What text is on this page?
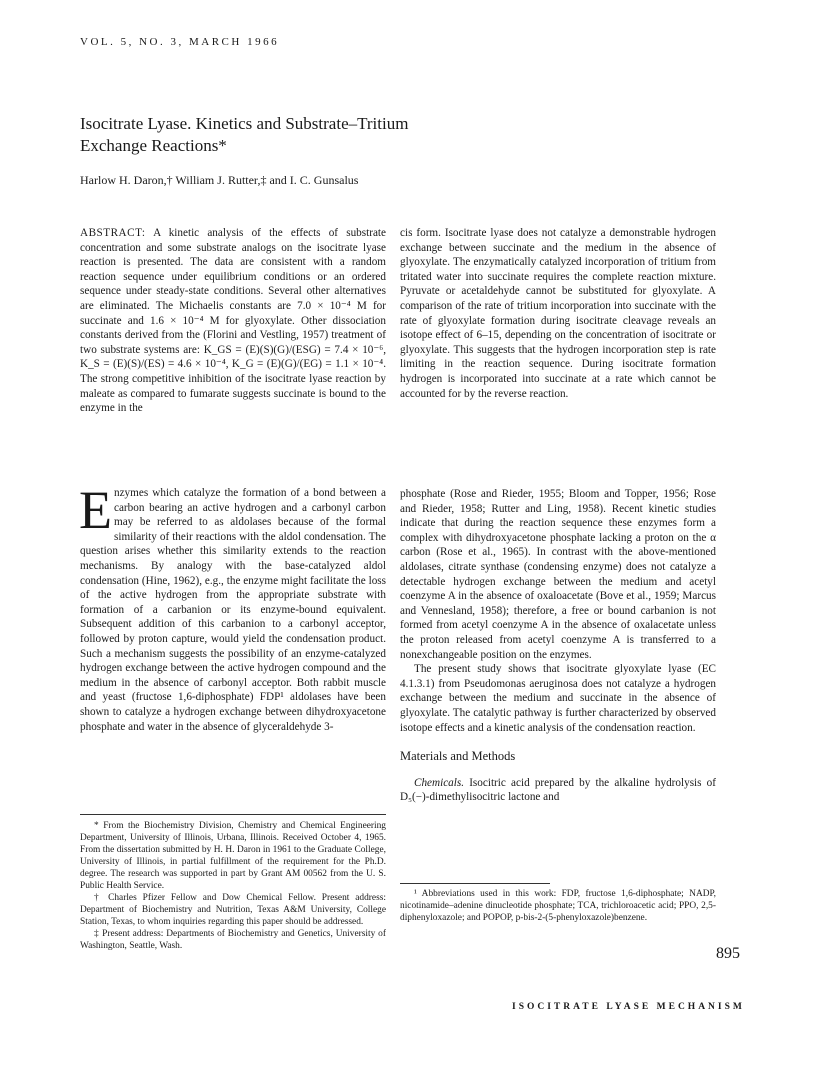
VOL. 5, NO. 3, MARCH 1966
Isocitrate Lyase. Kinetics and Substrate–Tritium
Exchange Reactions*
Harlow H. Daron,† William J. Rutter,‡ and I. C. Gunsalus
ABSTRACT: A kinetic analysis of the effects of substrate concentration and some substrate analogs on the isocitrate lyase reaction is presented. The data are consistent with a random reaction sequence under equilibrium conditions or an ordered sequence under steady-state conditions. Several other alternatives are eliminated. The Michaelis constants are 7.0 × 10⁻⁴ M for succinate and 1.6 × 10⁻⁴ M for glyoxylate. Other dissociation constants derived from the (Florini and Vestling, 1957) treatment of two substrate systems are: K_GS = (E)(S)(G)/(ESG) = 7.4 × 10⁻⁶, K_S = (E)(S)/(ES) = 4.6 × 10⁻⁴, K_G = (E)(G)/(EG) = 1.1 × 10⁻⁴. The strong competitive inhibition of the isocitrate lyase reaction by maleate as compared to fumarate suggests succinate is bound to the enzyme in the
cis form. Isocitrate lyase does not catalyze a demonstrable hydrogen exchange between succinate and the medium in the absence of glyoxylate. The enzymatically catalyzed incorporation of tritium from tritated water into succinate requires the complete reaction mixture. Pyruvate or acetaldehyde cannot be substituted for glyoxylate. A comparison of the rate of tritium incorporation into succinate with the rate of glyoxylate formation during isocitrate cleavage reveals an isotope effect of 6–15, depending on the concentration of isocitrate or glyoxylate. This suggests that the hydrogen incorporation step is rate limiting in the reaction sequence. During isocitrate formation hydrogen is incorporated into succinate at a rate which cannot be accounted for by the reverse reaction.
E nzymes which catalyze the formation of a bond between a carbon bearing an active hydrogen and a carbonyl carbon may be referred to as aldolases because of the formal similarity of their reactions with the aldol condensation. The question arises whether this similarity extends to the reaction mechanisms. By analogy with the base-catalyzed aldol condensation (Hine, 1962), e.g., the enzyme might facilitate the loss of the active hydrogen from the appropriate substrate with formation of a carbanion or its enzyme-bound equivalent. Subsequent addition of this carbanion to a carbonyl acceptor, followed by proton capture, would yield the condensation product. Such a mechanism suggests the possibility of an enzyme-catalyzed hydrogen exchange between the active hydrogen compound and the medium in the absence of carbonyl acceptor. Both rabbit muscle and yeast (fructose 1,6-diphosphate) FDP¹ aldolases have been shown to catalyze a hydrogen exchange between dihydroxyacetone phosphate and water in the absence of glyceraldehyde 3-

phosphate (Rose and Rieder, 1955; Bloom and Topper, 1956; Rose and Rieder, 1958; Rutter and Ling, 1958). Recent kinetic studies indicate that during the reaction sequence these enzymes form a complex with dihydroxyacetone phosphate lacking a proton on the α carbon (Rose et al., 1965). In contrast with the above-mentioned aldolases, citrate synthase (condensing enzyme) does not catalyze a detectable hydrogen exchange between the medium and acetyl coenzyme A in the absence of oxaloacetate (Bove et al., 1959; Marcus and Vennesland, 1958); therefore, a free or bound carbanion is not formed from acetyl coenzyme A in the absence of oxalacetate unless the proton released from acetyl coenzyme A is transferred to a nonexchangeable position on the enzymes.

The present study shows that isocitrate glyoxylate lyase (EC 4.1.3.1) from Pseudomonas aeruginosa does not catalyze a hydrogen exchange between the medium and succinate in the absence of glyoxylate. The catalytic pathway is further characterized by observed isotope effects and a kinetic analysis of the condensation reaction.

Materials and Methods

Chemicals. Isocitric acid prepared by the alkaline hydrolysis of D₅(−)-dimethylisocitric lactone and

* From the Biochemistry Division, Chemistry and Chemical Engineering Department, University of Illinois, Urbana, Illinois. Received October 4, 1965. From the dissertation submitted by H. H. Daron in 1961 to the Graduate College, University of Illinois, in partial fulfillment of the requirement for the Ph.D. degree. The research was supported in part by Grant AM 00562 from the U. S. Public Health Service.

† Charles Pfizer Fellow and Dow Chemical Fellow. Present address: Department of Biochemistry and Nutrition, Texas A&M University, College Station, Texas, to whom inquiries regarding this paper should be addressed.

‡ Present address: Departments of Biochemistry and Genetics, University of Washington, Seattle, Wash.

¹ Abbreviations used in this work: FDP, fructose 1,6-diphosphate; NADP, nicotinamide–adenine dinucleotide phosphate; TCA, trichloroacetic acid; PPO, 2,5-diphenyloxazole; and POPOP, p-bis-2-(5-phenyloxazole)benzene.

895
ISOCITRATE LYASE MECHANISM
